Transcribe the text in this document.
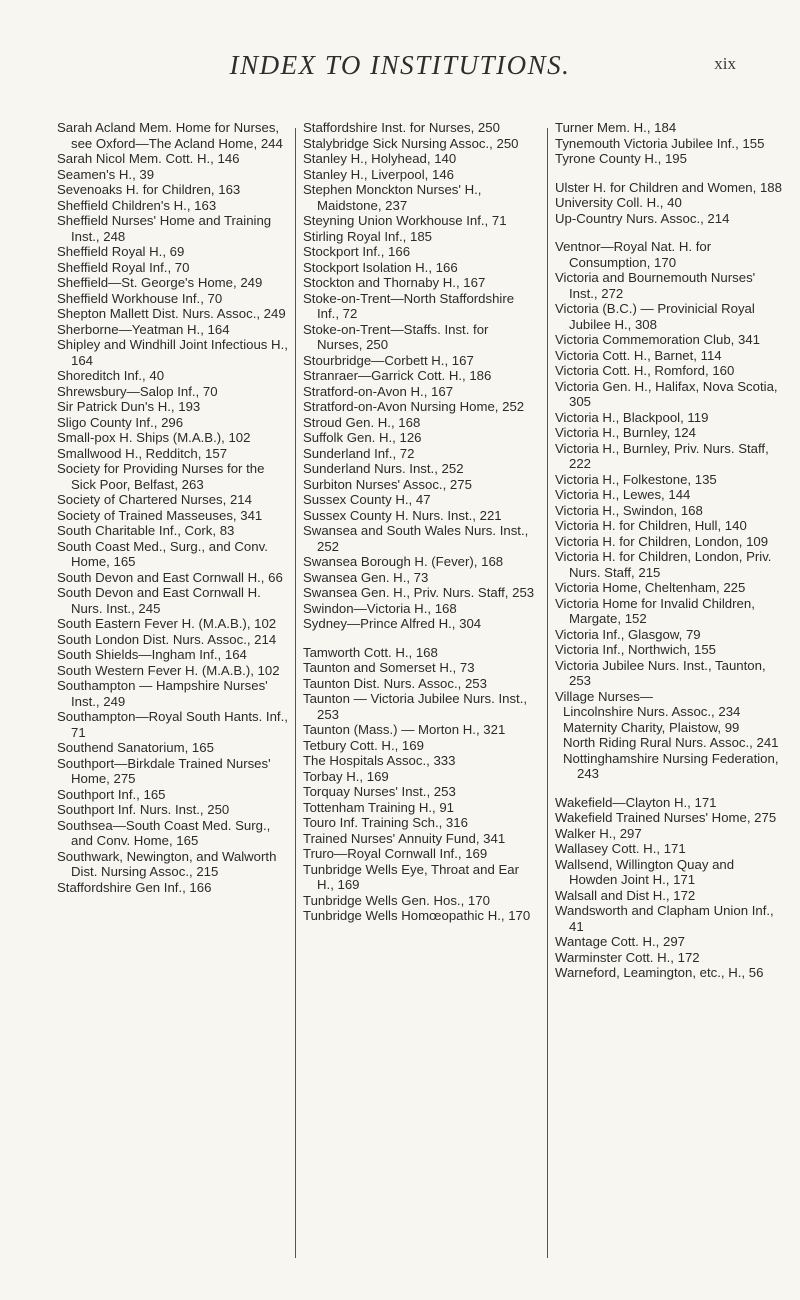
INDEX TO INSTITUTIONS.	xix

Sarah Acland Mem. Home for Nurses, see Oxford—The Acland Home, 244

Sarah Nicol Mem. Cott. H., 146

Seamen's H., 39

Sevenoaks H. for Children, 163

Sheffield Children's H., 163

Sheffield Nurses' Home and Training Inst., 248

Sheffield Royal H., 69

Sheffield Royal Inf., 70

Sheffield—St. George's Home, 249

Sheffield Workhouse Inf., 70

Shepton Mallett Dist. Nurs. Assoc., 249

Sherborne—Yeatman H., 164

Shipley and Windhill Joint Infectious H., 164

Shoreditch Inf., 40

Shrewsbury—Salop Inf., 70

Sir Patrick Dun's H., 193

Sligo County Inf., 296

Small-pox H. Ships (M.A.B.), 102

Smallwood H., Redditch, 157

Society for Providing Nurses for the Sick Poor, Belfast, 263

Society of Chartered Nurses, 214

Society of Trained Masseuses, 341

South Charitable Inf., Cork, 83

South Coast Med., Surg., and Conv. Home, 165

South Devon and East Cornwall H., 66

South Devon and East Cornwall H. Nurs. Inst., 245

South Eastern Fever H. (M.A.B.), 102

South London Dist. Nurs. Assoc., 214

South Shields—Ingham Inf., 164

South Western Fever H. (M.A.B.), 102

Southampton — Hampshire Nurses' Inst., 249

Southampton—Royal South Hants. Inf., 71

Southend Sanatorium, 165

Southport—Birkdale Trained Nurses' Home, 275

Southport Inf., 165

Southport Inf. Nurs. Inst., 250

Southsea—South Coast Med. Surg., and Conv. Home, 165

Southwark, Newington, and Walworth Dist. Nursing Assoc., 215

Staffordshire Gen Inf., 166

Staffordshire Inst. for Nurses, 250

Stalybridge Sick Nursing Assoc., 250

Stanley H., Holyhead, 140

Stanley H., Liverpool, 146

Stephen Monckton Nurses' H., Maidstone, 237

Steyning Union Workhouse Inf., 71

Stirling Royal Inf., 185

Stockport Inf., 166

Stockport Isolation H., 166

Stockton and Thornaby H., 167

Stoke-on-Trent—North Staffordshire Inf., 72

Stoke-on-Trent—Staffs. Inst. for Nurses, 250

Stourbridge—Corbett H., 167

Stranraer—Garrick Cott. H., 186

Stratford-on-Avon H., 167

Stratford-on-Avon Nursing Home, 252

Stroud Gen. H., 168

Suffolk Gen. H., 126

Sunderland Inf., 72

Sunderland Nurs. Inst., 252

Surbiton Nurses' Assoc., 275

Sussex County H., 47

Sussex County H. Nurs. Inst., 221

Swansea and South Wales Nurs. Inst., 252

Swansea Borough H. (Fever), 168

Swansea Gen. H., 73

Swansea Gen. H., Priv. Nurs. Staff, 253

Swindon—Victoria H., 168

Sydney—Prince Alfred H., 304

Tamworth Cott. H., 168

Taunton and Somerset H., 73

Taunton Dist. Nurs. Assoc., 253

Taunton — Victoria Jubilee Nurs. Inst., 253

Taunton (Mass.) — Morton H., 321

Tetbury Cott. H., 169

The Hospitals Assoc., 333

Torbay H., 169

Torquay Nurses' Inst., 253

Tottenham Training H., 91

Touro Inf. Training Sch., 316

Trained Nurses' Annuity Fund, 341

Truro—Royal Cornwall Inf., 169

Tunbridge Wells Eye, Throat and Ear H., 169

Tunbridge Wells Gen. Hos., 170

Tunbridge Wells Homœopathic H., 170

Turner Mem. H., 184

Tynemouth Victoria Jubilee Inf., 155

Tyrone County H., 195

Ulster H. for Children and Women, 188

University Coll. H., 40

Up-Country Nurs. Assoc., 214

Ventnor—Royal Nat. H. for Consumption, 170

Victoria and Bournemouth Nurses' Inst., 272

Victoria (B.C.) — Provinicial Royal Jubilee H., 308

Victoria Commemoration Club, 341

Victoria Cott. H., Barnet, 114

Victoria Cott. H., Romford, 160

Victoria Gen. H., Halifax, Nova Scotia, 305

Victoria H., Blackpool, 119

Victoria H., Burnley, 124

Victoria H., Burnley, Priv. Nurs. Staff, 222

Victoria H., Folkestone, 135

Victoria H., Lewes, 144

Victoria H., Swindon, 168

Victoria H. for Children, Hull, 140

Victoria H. for Children, London, 109

Victoria H. for Children, London, Priv. Nurs. Staff, 215

Victoria Home, Cheltenham, 225

Victoria Home for Invalid Children, Margate, 152

Victoria Inf., Glasgow, 79

Victoria Inf., Northwich, 155

Victoria Jubilee Nurs. Inst., Taunton, 253

Village Nurses—

Lincolnshire Nurs. Assoc., 234

Maternity Charity, Plaistow, 99

North Riding Rural Nurs. Assoc., 241

Nottinghamshire Nursing Federation, 243

Wakefield—Clayton H., 171

Wakefield Trained Nurses' Home, 275

Walker H., 297

Wallasey Cott. H., 171

Wallsend, Willington Quay and Howden Joint H., 171

Walsall and Dist H., 172

Wandsworth and Clapham Union Inf., 41

Wantage Cott. H., 297

Warminster Cott. H., 172

Warneford, Leamington, etc., H., 56
